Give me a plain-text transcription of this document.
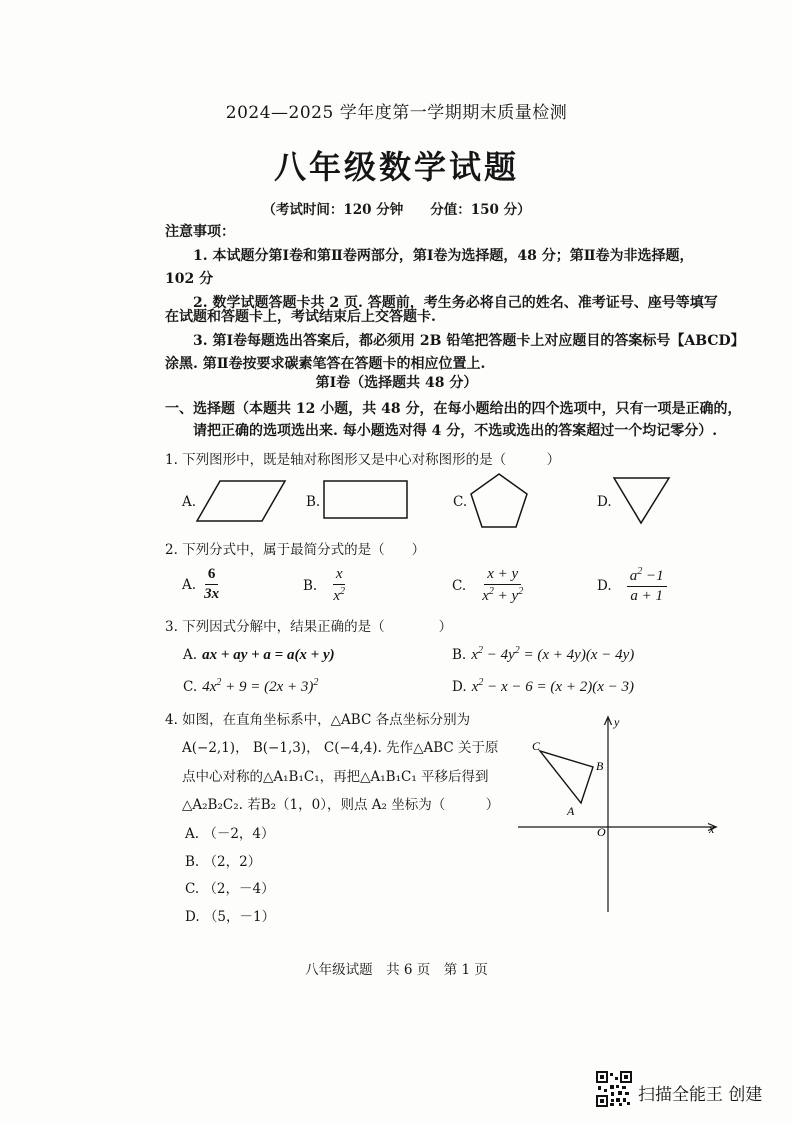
2024—2025 学年度第一学期期末质量检测
八年级数学试题
（考试时间：120 分钟　　分值：150 分）
注意事项：
1. 本试题分第Ⅰ卷和第Ⅱ卷两部分，第Ⅰ卷为选择题，48 分；第Ⅱ卷为非选择题，
102 分
2. 数学试题答题卡共 2 页. 答题前，考生务必将自己的姓名、准考证号、座号等填写
在试题和答题卡上，考试结束后上交答题卡.
3. 第Ⅰ卷每题选出答案后，都必须用 2B 铅笔把答题卡上对应题目的答案标号【ABCD】
涂黑. 第Ⅱ卷按要求碳素笔答在答题卡的相应位置上.
第Ⅰ卷（选择题共 48 分）
一、选择题（本题共 12 小题，共 48 分，在每小题给出的四个选项中，只有一项是正确的，
请把正确的选项选出来. 每小题选对得 4 分，不选或选出的答案超过一个均记零分）.
1. 下列图形中，既是轴对称图形又是中心对称图形的是（　　　）
A.	B.	C.	D.
2. 下列分式中，属于最简分式的是（　　）
A. $\frac{6}{3x}$	B. $\frac{x}{x^2}$	C. $\frac{x + y}{x^2 + y^2}$	D. $\frac{a^2 -1}{a + 1}$
3. 下列因式分解中，结果正确的是（　　　　）
A. ax + ay + a = a(x + y)	B. $x^2 - 4y^2 = (x + 4y)(x - 4y)$
C. $4x^2 + 9 = (2x + 3)^2$	D. $x^2 - x - 6 = (x + 2)(x - 3)$
4. 如图，在直角坐标系中，△ABC 各点坐标分别为
A(−2,1)， B(−1,3)， C(−4,4). 先作△ABC 关于原
点中心对称的△A₁B₁C₁，再把△A₁B₁C₁ 平移后得到
△A₂B₂C₂. 若B₂（1，0），则点 A₂ 坐标为（　　　）
A. （－2，4）
B. （2，2）
C. （2，－4）
D. （5，－1）
y
x
O
A
B
C
八年级试题　共 6 页　第 1 页
扫描全能王 创建
